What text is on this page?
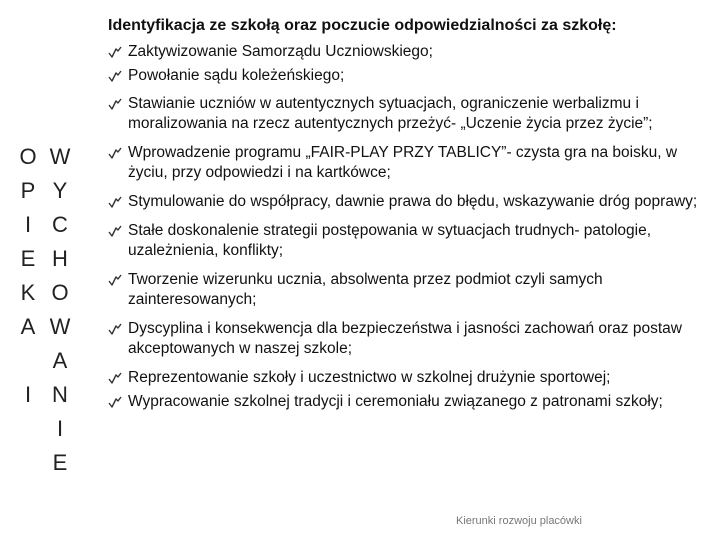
O W
P Y
I C
E H
K O
A W
A
I N
I
E
Identyfikacja ze szkołą oraz poczucie odpowiedzialności za szkołę:
Zaktywizowanie Samorządu Uczniowskiego;
Powołanie sądu koleżeńskiego;
Stawianie uczniów w autentycznych sytuacjach, ograniczenie werbalizmu i moralizowania na rzecz autentycznych przeżyć- „Uczenie życia przez życie”;
Wprowadzenie programu „FAIR-PLAY PRZY TABLICY”- czysta gra na boisku, w życiu, przy odpowiedzi i na kartkówce;
Stymulowanie do współpracy, dawnie prawa do błędu, wskazywanie dróg poprawy;
Stałe doskonalenie strategii postępowania w sytuacjach trudnych- patologie, uzależnienia, konflikty;
Tworzenie wizerunku ucznia, absolwenta przez podmiot czyli samych zainteresowanych;
Dyscyplina i konsekwencja dla bezpieczeństwa i jasności zachowań oraz postaw akceptowanych w naszej szkole;
Reprezentowanie szkoły i uczestnictwo w szkolnej drużynie sportowej;
Wypracowanie szkolnej tradycji i ceremoniału związanego z patronami szkoły;
Kierunki rozwoju placówki
